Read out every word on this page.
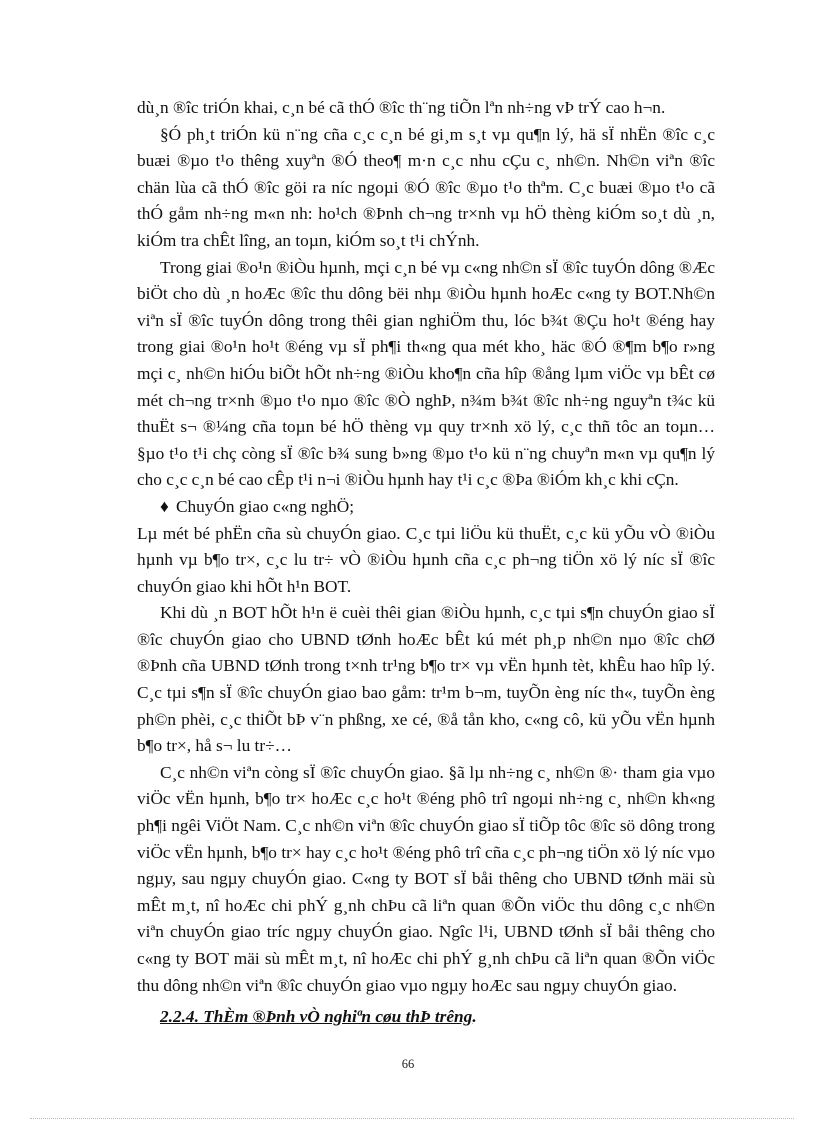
dù¸n ®îc triÓn khai, c¸n bé cã thÓ ®îc th¨ng tiÕn lªn nh÷ng vÞ trÝ cao h¬n.

§Ó ph¸t triÓn kü n¨ng cña c¸c c¸n bé gi¸m s¸t vµ qu¶n lý, hä sÏ nhËn ®îc c¸c buæi ®µo t¹o thêng xuyªn ®Ó theo¶ m·n c¸c nhu cÇu c¸ nh©n. Nh©n viªn ®îc chän lùa cã thÓ ®îc göi ra níc ngoµi ®Ó ®îc ®µo t¹o thªm. C¸c buæi ®µo t¹o cã thÓ gåm nh÷ng m«n nh: ho¹ch ®Þnh ch¬ng tr×nh vµ hÖ thèng kiÓm so¸t dù ¸n, kiÓm tra chÊt lîng, an toµn, kiÓm so¸t t¹i chÝnh.

Trong giai ®o¹n ®iÒu hµnh, mçi c¸n bé vµ c«ng nh©n sÏ ®îc tuyÓn dông ®Æc biÖt cho dù ¸n hoÆc ®îc thu dông bëi nhµ ®iÒu hµnh hoÆc c«ng ty BOT.Nh©n viªn sÏ ®îc tuyÓn dông trong thêi gian nghiÖm thu, lóc b¾t ®Çu ho¹t ®éng hay trong giai ®o¹n ho¹t ®éng vµ sÏ ph¶i th«ng qua mét kho¸ häc ®Ó ®¶m b¶o r»ng mçi c¸ nh©n hiÓu biÕt hÕt nh÷ng ®iÒu kho¶n cña hîp ®ång lµm viÖc vµ bÊt cø mét ch¬ng tr×nh ®µo t¹o nµo ®îc ®Ò nghÞ, n¾m b¾t ®îc nh÷ng nguyªn t¾c kü thuËt s¬ ®¼ng cña toµn bé hÖ thèng vµ quy tr×nh xö lý, c¸c thñ tôc an toµn… §µo t¹o t¹i chç còng sÏ ®îc b¾ sung b»ng ®µo t¹o kü n¨ng chuyªn m«n vµ qu¶n lý cho c¸c c¸n bé cao cÊp t¹i n¬i ®iÒu hµnh hay t¹i c¸c ®Þa ®iÓm kh¸c khi cÇn.

♦ ChuyÓn giao c«ng nghÖ;

Lµ mét bé phËn cña sù chuyÓn giao. C¸c tµi liÖu kü thuËt, c¸c kü yÕu vÒ ®iÒu hµnh vµ b¶o tr×, c¸c lu tr÷ vÒ ®iÒu hµnh cña c¸c ph¬ng tiÖn xö lý níc sÏ ®îc chuyÓn giao khi hÕt h¹n BOT.

Khi dù ¸n BOT hÕt h¹n ë cuèi thêi gian ®iÒu hµnh, c¸c tµi s¶n chuyÓn giao sÏ ®îc chuyÓn giao cho UBND tØnh hoÆc bÊt kú mét ph¸p nh©n nµo ®îc chØ ®Þnh cña UBND tØnh trong t×nh tr¹ng b¶o tr× vµ vËn hµnh tèt, khÊu hao hîp lý. C¸c tµi s¶n sÏ ®îc chuyÓn giao bao gåm: tr¹m b¬m, tuyÕn èng níc th«, tuyÕn èng ph©n phèi, c¸c thiÕt bÞ v¨n phßng, xe cé, ®å tån kho, c«ng cô, kü yÕu vËn hµnh b¶o tr×, hå s¬ lu tr÷…

C¸c nh©n viªn còng sÏ ®îc chuyÓn giao. §ã lµ nh÷ng c¸ nh©n ®· tham gia vµo viÖc vËn hµnh, b¶o tr× hoÆc c¸c ho¹t ®éng phô trî ngoµi nh÷ng c¸ nh©n kh«ng ph¶i ngêi ViÖt Nam. C¸c nh©n viªn ®îc chuyÓn giao sÏ tiÕp tôc ®îc sö dông trong viÖc vËn hµnh, b¶o tr× hay c¸c ho¹t ®éng phô trî cña c¸c ph¬ng tiÖn xö lý níc vµo ngµy, sau ngµy chuyÓn giao. C«ng ty BOT sÏ båi thêng cho UBND tØnh mäi sù mÊt m¸t, nî hoÆc chi phÝ g¸nh chÞu cã liªn quan ®Õn viÖc thu dông c¸c nh©n viªn chuyÓn giao tríc ngµy chuyÓn giao. Ngîc l¹i, UBND tØnh sÏ båi thêng cho c«ng ty BOT mäi sù mÊt m¸t, nî hoÆc chi phÝ g¸nh chÞu cã liªn quan ®Õn viÖc thu dông nh©n viªn ®îc chuyÓn giao vµo ngµy hoÆc sau ngµy chuyÓn giao.

2.2.4. ThÈm ®Þnh vÒ nghiªn cøu thÞ trêng.
66
